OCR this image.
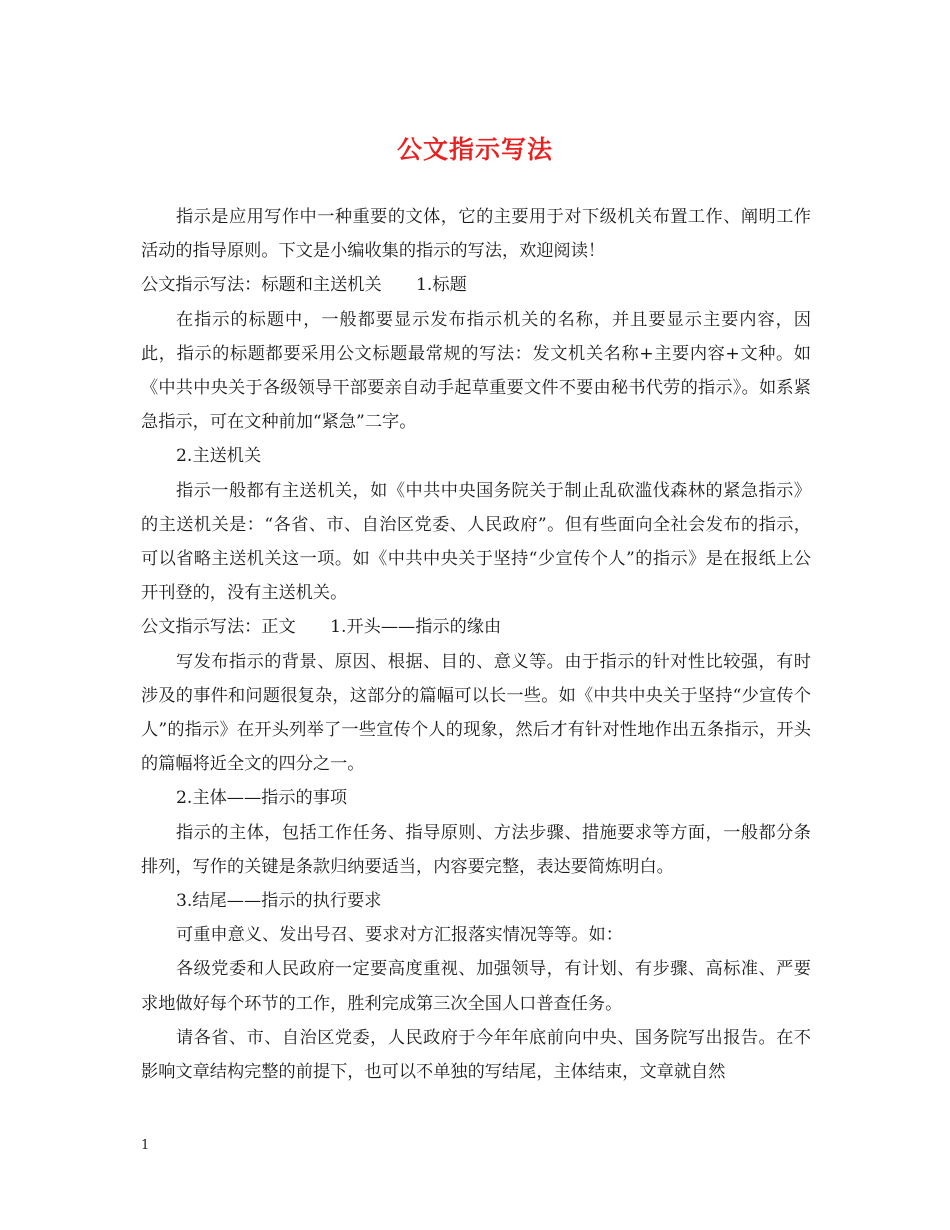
公文指示写法

指示是应用写作中一种重要的文体，它的主要用于对下级机关布置工作、阐明工作活动的指导原则。下文是小编收集的指示的写法，欢迎阅读！

公文指示写法：标题和主送机关　　1.标题

在指示的标题中，一般都要显示发布指示机关的名称，并且要显示主要内容，因此，指示的标题都要采用公文标题最常规的写法：发文机关名称+主要内容+文种。如《中共中央关于各级领导干部要亲自动手起草重要文件不要由秘书代劳的指示》。如系紧急指示，可在文种前加“紧急”二字。

2.主送机关

指示一般都有主送机关，如《中共中央国务院关于制止乱砍滥伐森林的紧急指示》的主送机关是：“各省、市、自治区党委、人民政府”。但有些面向全社会发布的指示，可以省略主送机关这一项。如《中共中央关于坚持“少宣传个人”的指示》是在报纸上公开刊登的，没有主送机关。

公文指示写法：正文　　1.开头——指示的缘由

写发布指示的背景、原因、根据、目的、意义等。由于指示的针对性比较强，有时涉及的事件和问题很复杂，这部分的篇幅可以长一些。如《中共中央关于坚持“少宣传个人”的指示》在开头列举了一些宣传个人的现象，然后才有针对性地作出五条指示，开头的篇幅将近全文的四分之一。

2.主体——指示的事项

指示的主体，包括工作任务、指导原则、方法步骤、措施要求等方面，一般都分条排列，写作的关键是条款归纳要适当，内容要完整，表达要简炼明白。

3.结尾——指示的执行要求

可重申意义、发出号召、要求对方汇报落实情况等等。如：

各级党委和人民政府一定要高度重视、加强领导，有计划、有步骤、高标准、严要求地做好每个环节的工作，胜利完成第三次全国人口普查任务。

请各省、市、自治区党委，人民政府于今年年底前向中央、国务院写出报告。在不影响文章结构完整的前提下，也可以不单独的写结尾，主体结束，文章就自然

1
